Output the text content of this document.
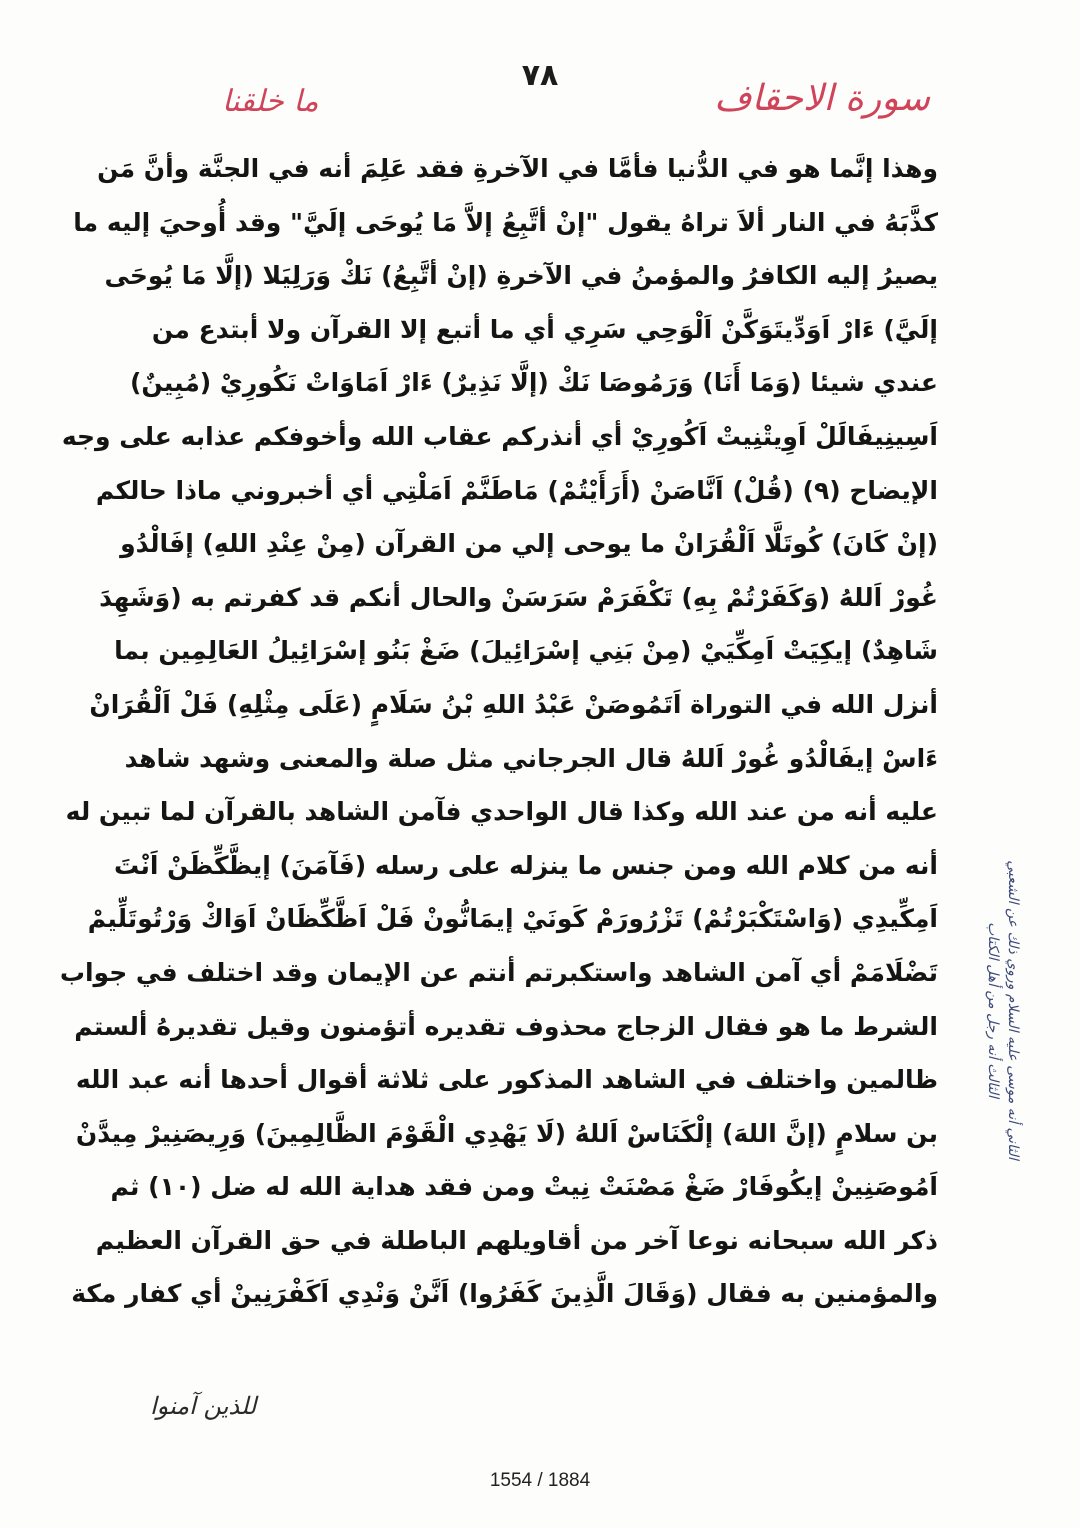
٧٨
سورة الاحقاف
ما خلقنا
وهذا إنَّما هو في الدُّنيا فأمَّا في الآخرةِ فقد عَلِمَ أنه في الجنَّة وأنَّ مَن
كذَّبَهُ في النار ألاَ تراهُ يقول "إنْ أتَّبِعُ إلاَّ مَا يُوحَى إلَيَّ" وقد أُوحيَ إليه ما
يصيرُ إليه الكافرُ والمؤمنُ في الآخرةِ (إنْ أتَّبِعُ) نَكْ وَرَلِيَلا (إلَّا مَا يُوحَى
إلَيَّ) ءَارْ اَوَدِّيتَوَكَّنْ اَلْوَحِي سَرِي أي ما أتبع إلا القرآن ولا أبتدع من
عندي شيئا (وَمَا أَنَا) وَرَمُوصَا نَكْ (إلَّا نَذِيرٌ) ءَارْ اَمَاوَاتْ نَكُورِيْ (مُبِينٌ)
اَسِينِيفَالَلْ اَوِيتْنِيتْ اَكُورِيْ أي أنذركم عقاب الله وأخوفكم عذابه على وجه
الإيضاح (٩) (قُلْ) اَنَّاصَنْ (أَرَأَيْتُمْ) مَاطَنَّمْ اَمَلْتِي أي أخبروني ماذا حالكم
(إنْ كَانَ) كُوتَلَّا اَلْقُرَانْ ما يوحى إلي من القرآن (مِنْ عِنْدِ اللهِ) إفَالْدُو
غُورْ اَللهُ (وَكَفَرْتُمْ بِهِ) تَكْفَرَمْ سَرَسَنْ والحال أنكم قد كفرتم به (وَشَهِدَ
شَاهِدٌ) إيكِيَتْ اَمِكِّيَيْ (مِنْ بَنِي إسْرَائِيلَ) ضَغْ بَنُو إسْرَائِيلُ العَالِمِين بما
أنزل الله في التوراة اَتَمُوصَنْ عَبْدُ اللهِ بْنُ سَلَامٍ (عَلَى مِثْلِهِ) فَلْ اَلْقُرَانْ
ءَاسْ إيفَالْدُو غُورْ اَللهُ قال الجرجاني مثل صلة والمعنى وشهد شاهد
عليه أنه من عند الله وكذا قال الواحدي فآمن الشاهد بالقرآن لما تبين له
أنه من كلام الله ومن جنس ما ينزله على رسله (فَآمَنَ) إيظَّكِّظَنْ اَنْتَ
اَمِكِّيدِي (وَاسْتَكْبَرْتُمْ) تَزْرُورَمْ كَونَيْ إيمَانُّونْ فَلْ اَظَّكِّظَانْ اَوَاكْ وَرْتُوتَلِّيمْ
تَضْلَامَمْ أي آمن الشاهد واستكبرتم أنتم عن الإيمان وقد اختلف في جواب
الشرط ما هو فقال الزجاج محذوف تقديره أتؤمنون وقيل تقديرهُ ألستم
ظالمين واختلف في الشاهد المذكور على ثلاثة أقوال أحدها أنه عبد الله
بن سلامٍ (إنَّ اللهَ) إلْكَنَاسْ اَللهُ (لَا يَهْدِي الْقَوْمَ الظَّالِمِينَ) وَرِيصَنِيرْ مِيدَّنْ
اَمُوصَنِينْ إيكُوفَارْ ضَغْ مَصْنَتْ نِيتْ ومن فقد هداية الله له ضل (١٠) ثم
ذكر الله سبحانه نوعا آخر من أقاويلهم الباطلة في حق القرآن العظيم
والمؤمنين به فقال (وَقَالَ الَّذِينَ كَفَرُوا) اَنَّنْ وَنْدِي اَكَفْرَنِينْ أي كفار مكة
الثاني أنه موسى عليه السلام وروي ذلك عن الشعبي
الثالث أنه رجل من أهل الكتاب
للذين آمنوا
1554 / 1884
